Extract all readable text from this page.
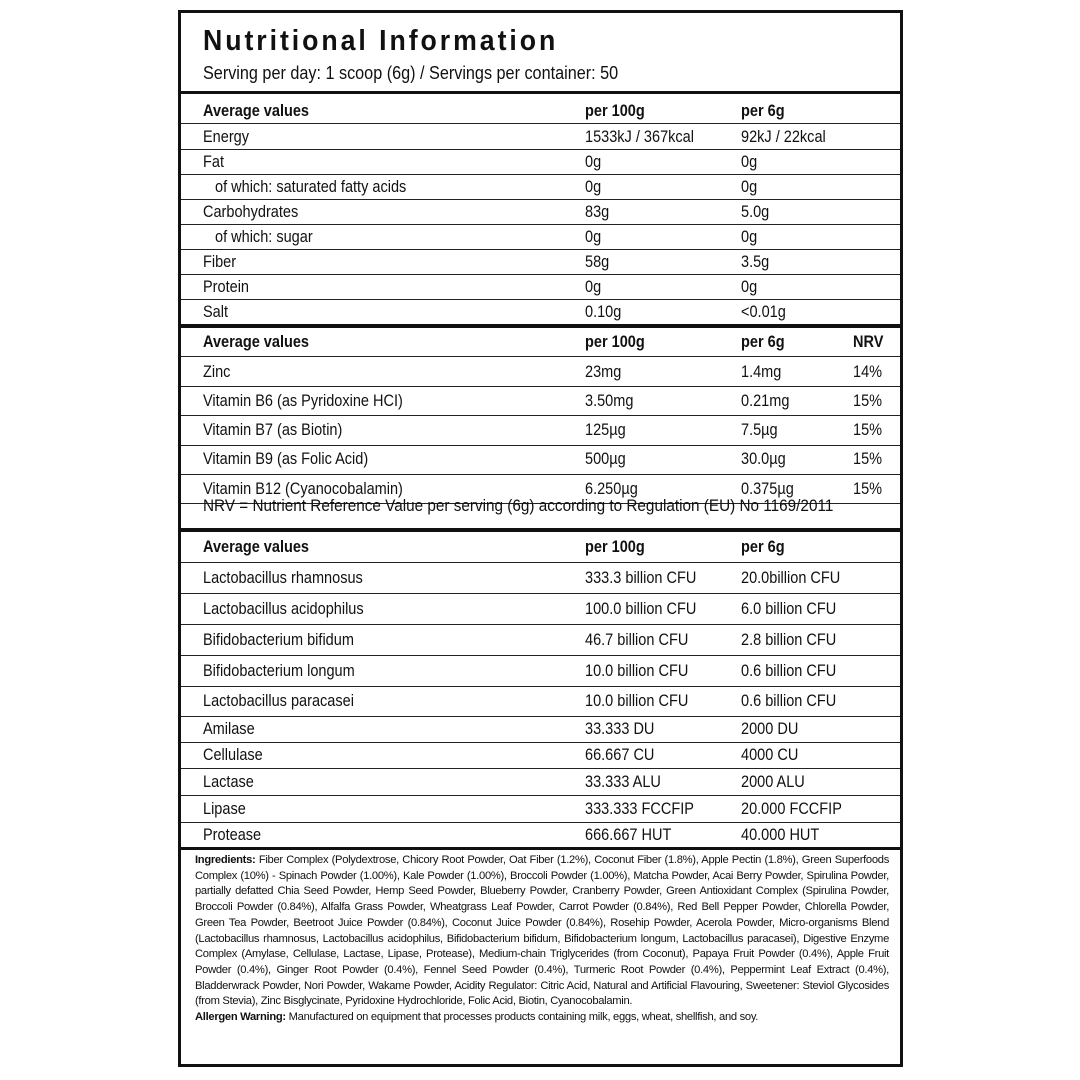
Nutritional Information
Serving per day: 1 scoop (6g) / Servings per container: 50
Average values	per 100g	per 6g
Energy	1533kJ / 367kcal	92kJ / 22kcal
Fat	0g	0g
of which: saturated fatty acids	0g	0g
Carbohydrates	83g	5.0g
of which: sugar	0g	0g
Fiber	58g	3.5g
Protein	0g	0g
Salt	0.10g	<0.01g
Average values	per 100g	per 6g	NRV
Zinc	23mg	1.4mg	14%
Vitamin B6 (as Pyridoxine HCI)	3.50mg	0.21mg	15%
Vitamin B7 (as Biotin)	125µg	7.5µg	15%
Vitamin B9 (as Folic Acid)	500µg	30.0µg	15%
Vitamin B12 (Cyanocobalamin)	6.250µg	0.375µg	15%
Average values	per 100g	per 6g
Lactobacillus rhamnosus	333.3 billion CFU	20.0billion CFU
Lactobacillus acidophilus	100.0 billion CFU	6.0 billion CFU
Bifidobacterium bifidum	46.7 billion CFU	2.8 billion CFU
Bifidobacterium longum	10.0 billion CFU	0.6 billion CFU
Lactobacillus paracasei	10.0 billion CFU	0.6 billion CFU
Amilase	33.333 DU	2000 DU
Cellulase	66.667 CU	4000 CU
Lactase	33.333 ALU	2000 ALU
Lipase	333.333 FCCFIP	20.000 FCCFIP
Protease	666.667 HUT	40.000 HUT
NRV = Nutrient Reference Value per serving (6g) according to Regulation (EU) No 1169/2011
Ingredients: Fiber Complex (Polydextrose, Chicory Root Powder, Oat Fiber (1.2%), Coconut Fiber (1.8%), Apple Pectin (1.8%), Green Superfoods Complex (10%) - Spinach Powder (1.00%), Kale Powder (1.00%), Broccoli Powder (1.00%), Matcha Powder, Acai Berry Powder, Spirulina Powder, partially defatted Chia Seed Powder, Hemp Seed Powder, Blueberry Powder, Cranberry Powder, Green Antioxidant Complex (Spirulina Powder, Broccoli Powder (0.84%), Alfalfa Grass Powder, Wheatgrass Leaf Powder, Carrot Powder (0.84%), Red Bell Pepper Powder, Chlorella Powder, Green Tea Powder, Beetroot Juice Powder (0.84%), Coconut Juice Powder (0.84%), Rosehip Powder, Acerola Powder, Micro-organisms Blend (Lactobacillus rhamnosus, Lactobacillus acidophilus, Bifidobacterium bifidum, Bifidobacterium longum, Lactobacillus paracasei), Digestive Enzyme Complex (Amylase, Cellulase, Lactase, Lipase, Protease), Medium-chain Triglycerides (from Coconut), Papaya Fruit Powder (0.4%), Apple Fruit Powder (0.4%), Ginger Root Powder (0.4%), Fennel Seed Powder (0.4%), Turmeric Root Powder (0.4%), Peppermint Leaf Extract (0.4%), Bladderwrack Powder, Nori Powder, Wakame Powder, Acidity Regulator: Citric Acid, Natural and Artificial Flavouring, Sweetener: Steviol Glycosides (from Stevia), Zinc Bisglycinate, Pyridoxine Hydrochloride, Folic Acid, Biotin, Cyanocobalamin.
Allergen Warning: Manufactured on equipment that processes products containing milk, eggs, wheat, shellfish, and soy.
